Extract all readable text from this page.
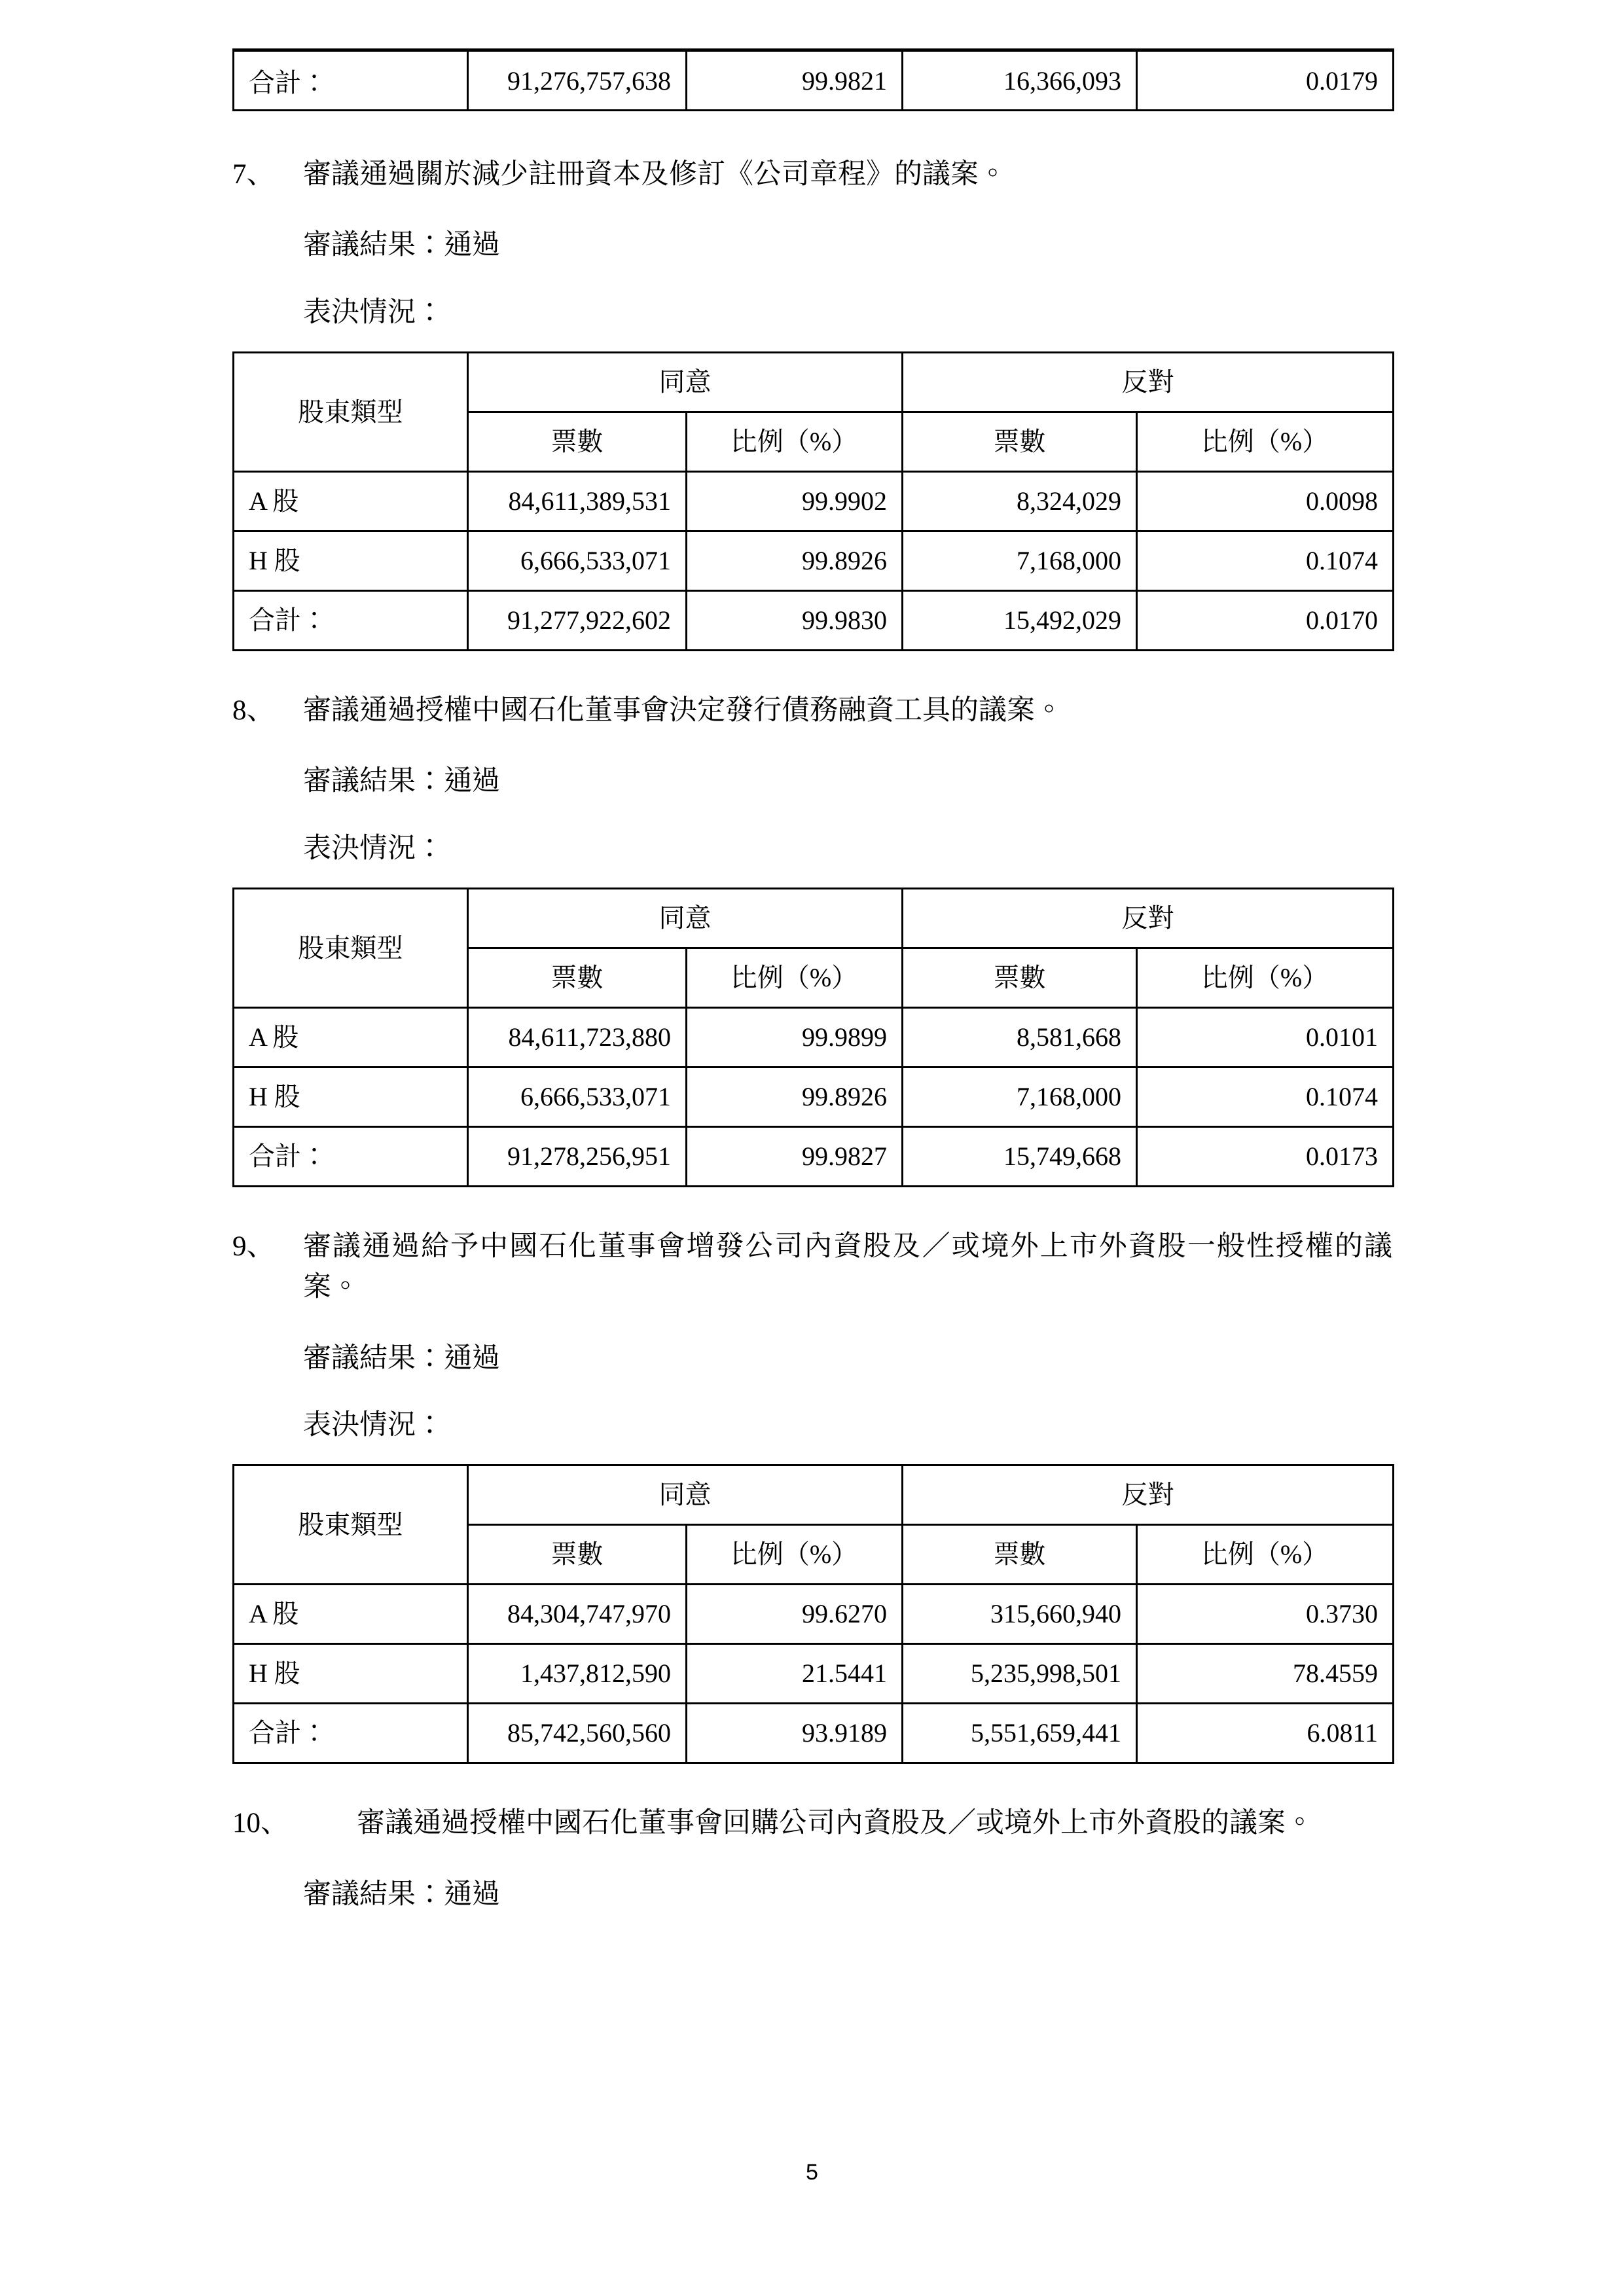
合計：	91,276,757,638	99.9821	16,366,093	0.0179
7、	審議通過關於減少註冊資本及修訂《公司章程》的議案。

審議結果：通過

表決情況：

股東類型	同意		反對	
	票數	比例（%）	票數	比例（%）
A 股	84,611,389,531	99.9902	8,324,029	0.0098
H 股	6,666,533,071	99.8926	7,168,000	0.1074
合計：	91,277,922,602	99.9830	15,492,029	0.0170
8、	審議通過授權中國石化董事會決定發行債務融資工具的議案。

審議結果：通過

表決情況：

股東類型	同意		反對	
	票數	比例（%）	票數	比例（%）
A 股	84,611,723,880	99.9899	8,581,668	0.0101
H 股	6,666,533,071	99.8926	7,168,000	0.1074
合計：	91,278,256,951	99.9827	15,749,668	0.0173
9、	審議通過給予中國石化董事會增發公司內資股及／或境外上市外資股一般性授權的議案。

審議結果：通過

表決情況：

股東類型	同意		反對	
	票數	比例（%）	票數	比例（%）
A 股	84,304,747,970	99.6270	315,660,940	0.3730
H 股	1,437,812,590	21.5441	5,235,998,501	78.4559
合計：	85,742,560,560	93.9189	5,551,659,441	6.0811
10、	審議通過授權中國石化董事會回購公司內資股及／或境外上市外資股的議案。

審議結果：通過

5
